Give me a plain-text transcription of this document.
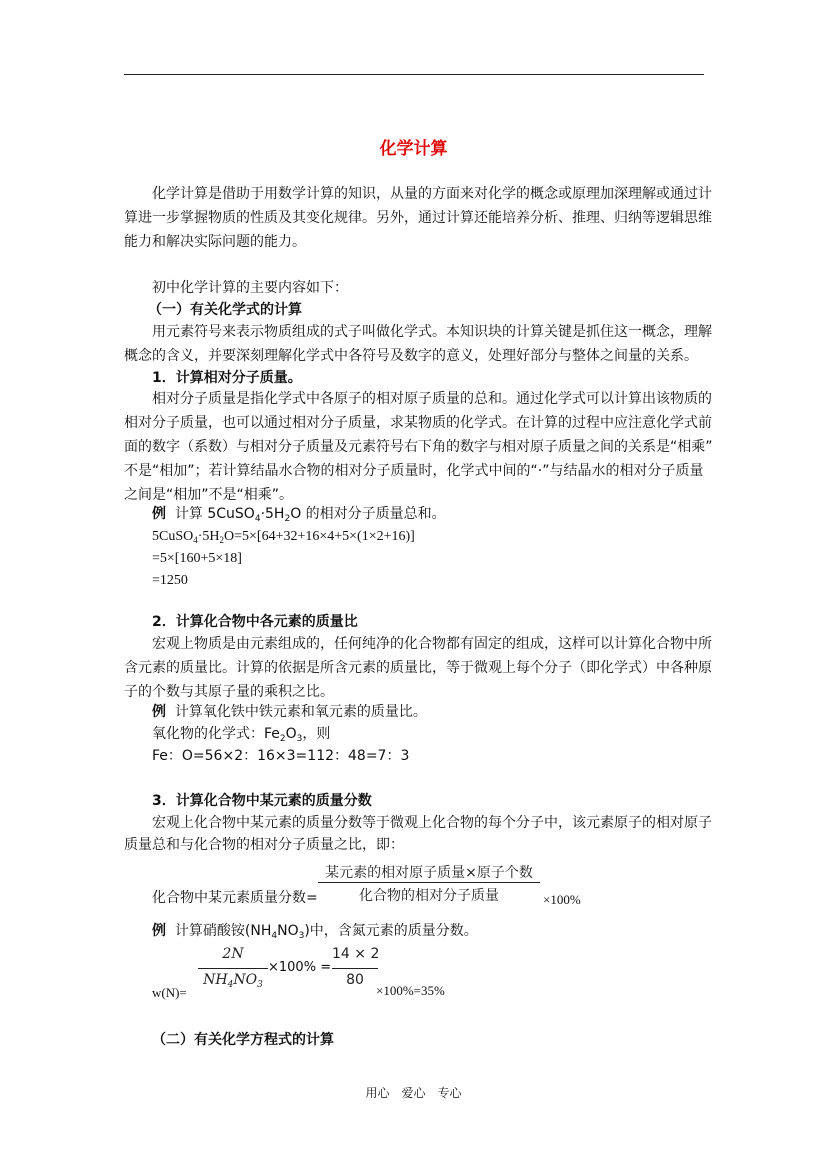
化学计算
化学计算是借助于用数学计算的知识，从量的方面来对化学的概念或原理加深理解或通过计
算进一步掌握物质的性质及其变化规律。另外，通过计算还能培养分析、推理、归纳等逻辑思维
能力和解决实际问题的能力。
初中化学计算的主要内容如下：
（一）有关化学式的计算
用元素符号来表示物质组成的式子叫做化学式。本知识块的计算关键是抓住这一概念，理解
概念的含义，并要深刻理解化学式中各符号及数字的意义，处理好部分与整体之间量的关系。
1．计算相对分子质量。
相对分子质量是指化学式中各原子的相对原子质量的总和。通过化学式可以计算出该物质的
相对分子质量，也可以通过相对分子质量，求某物质的化学式。在计算的过程中应注意化学式前
面的数字（系数）与相对分子质量及元素符号右下角的数字与相对原子质量之间的关系是“相乘”
不是“相加”；若计算结晶水合物的相对分子质量时，化学式中间的“·”与结晶水的相对分子质量
之间是“相加”不是“相乘”。
例 计算 $5CuSO_4\cdot 5H_2O$ 的相对分子质量总和。
$5CuSO_4\cdot 5H_2O=5\times[64+32+16\times 4+5\times(1\times 2+16)]$
=5×[160+5×18]
=1250
2．计算化合物中各元素的质量比
宏观上物质是由元素组成的，任何纯净的化合物都有固定的组成，这样可以计算化合物中所
含元素的质量比。计算的依据是所含元素的质量比，等于微观上每个分子（即化学式）中各种原
子的个数与其原子量的乘积之比。
例 计算氧化铁中铁元素和氧元素的质量比。
氧化物的化学式：$Fe_2O_3$，则
Fe：O=56×2：16×3=112：48=7：3
3．计算化合物中某元素的质量分数
宏观上化合物中某元素的质量分数等于微观上化合物的每个分子中，该元素原子的相对原子
质量总和与化合物的相对分子质量之比，即：
化合物中某元素质量分数=
某元素的相对原子质量×原子个数
化合物的相对分子质量	×100%
例 计算硝酸铵$(NH_4NO_3)$中，含氮元素的质量分数。
w(N)=
2N
$NH_4NO_3$
×100% =
14 × 2
80
×100%=35%
（二）有关化学方程式的计算
用心　爱心　专心
